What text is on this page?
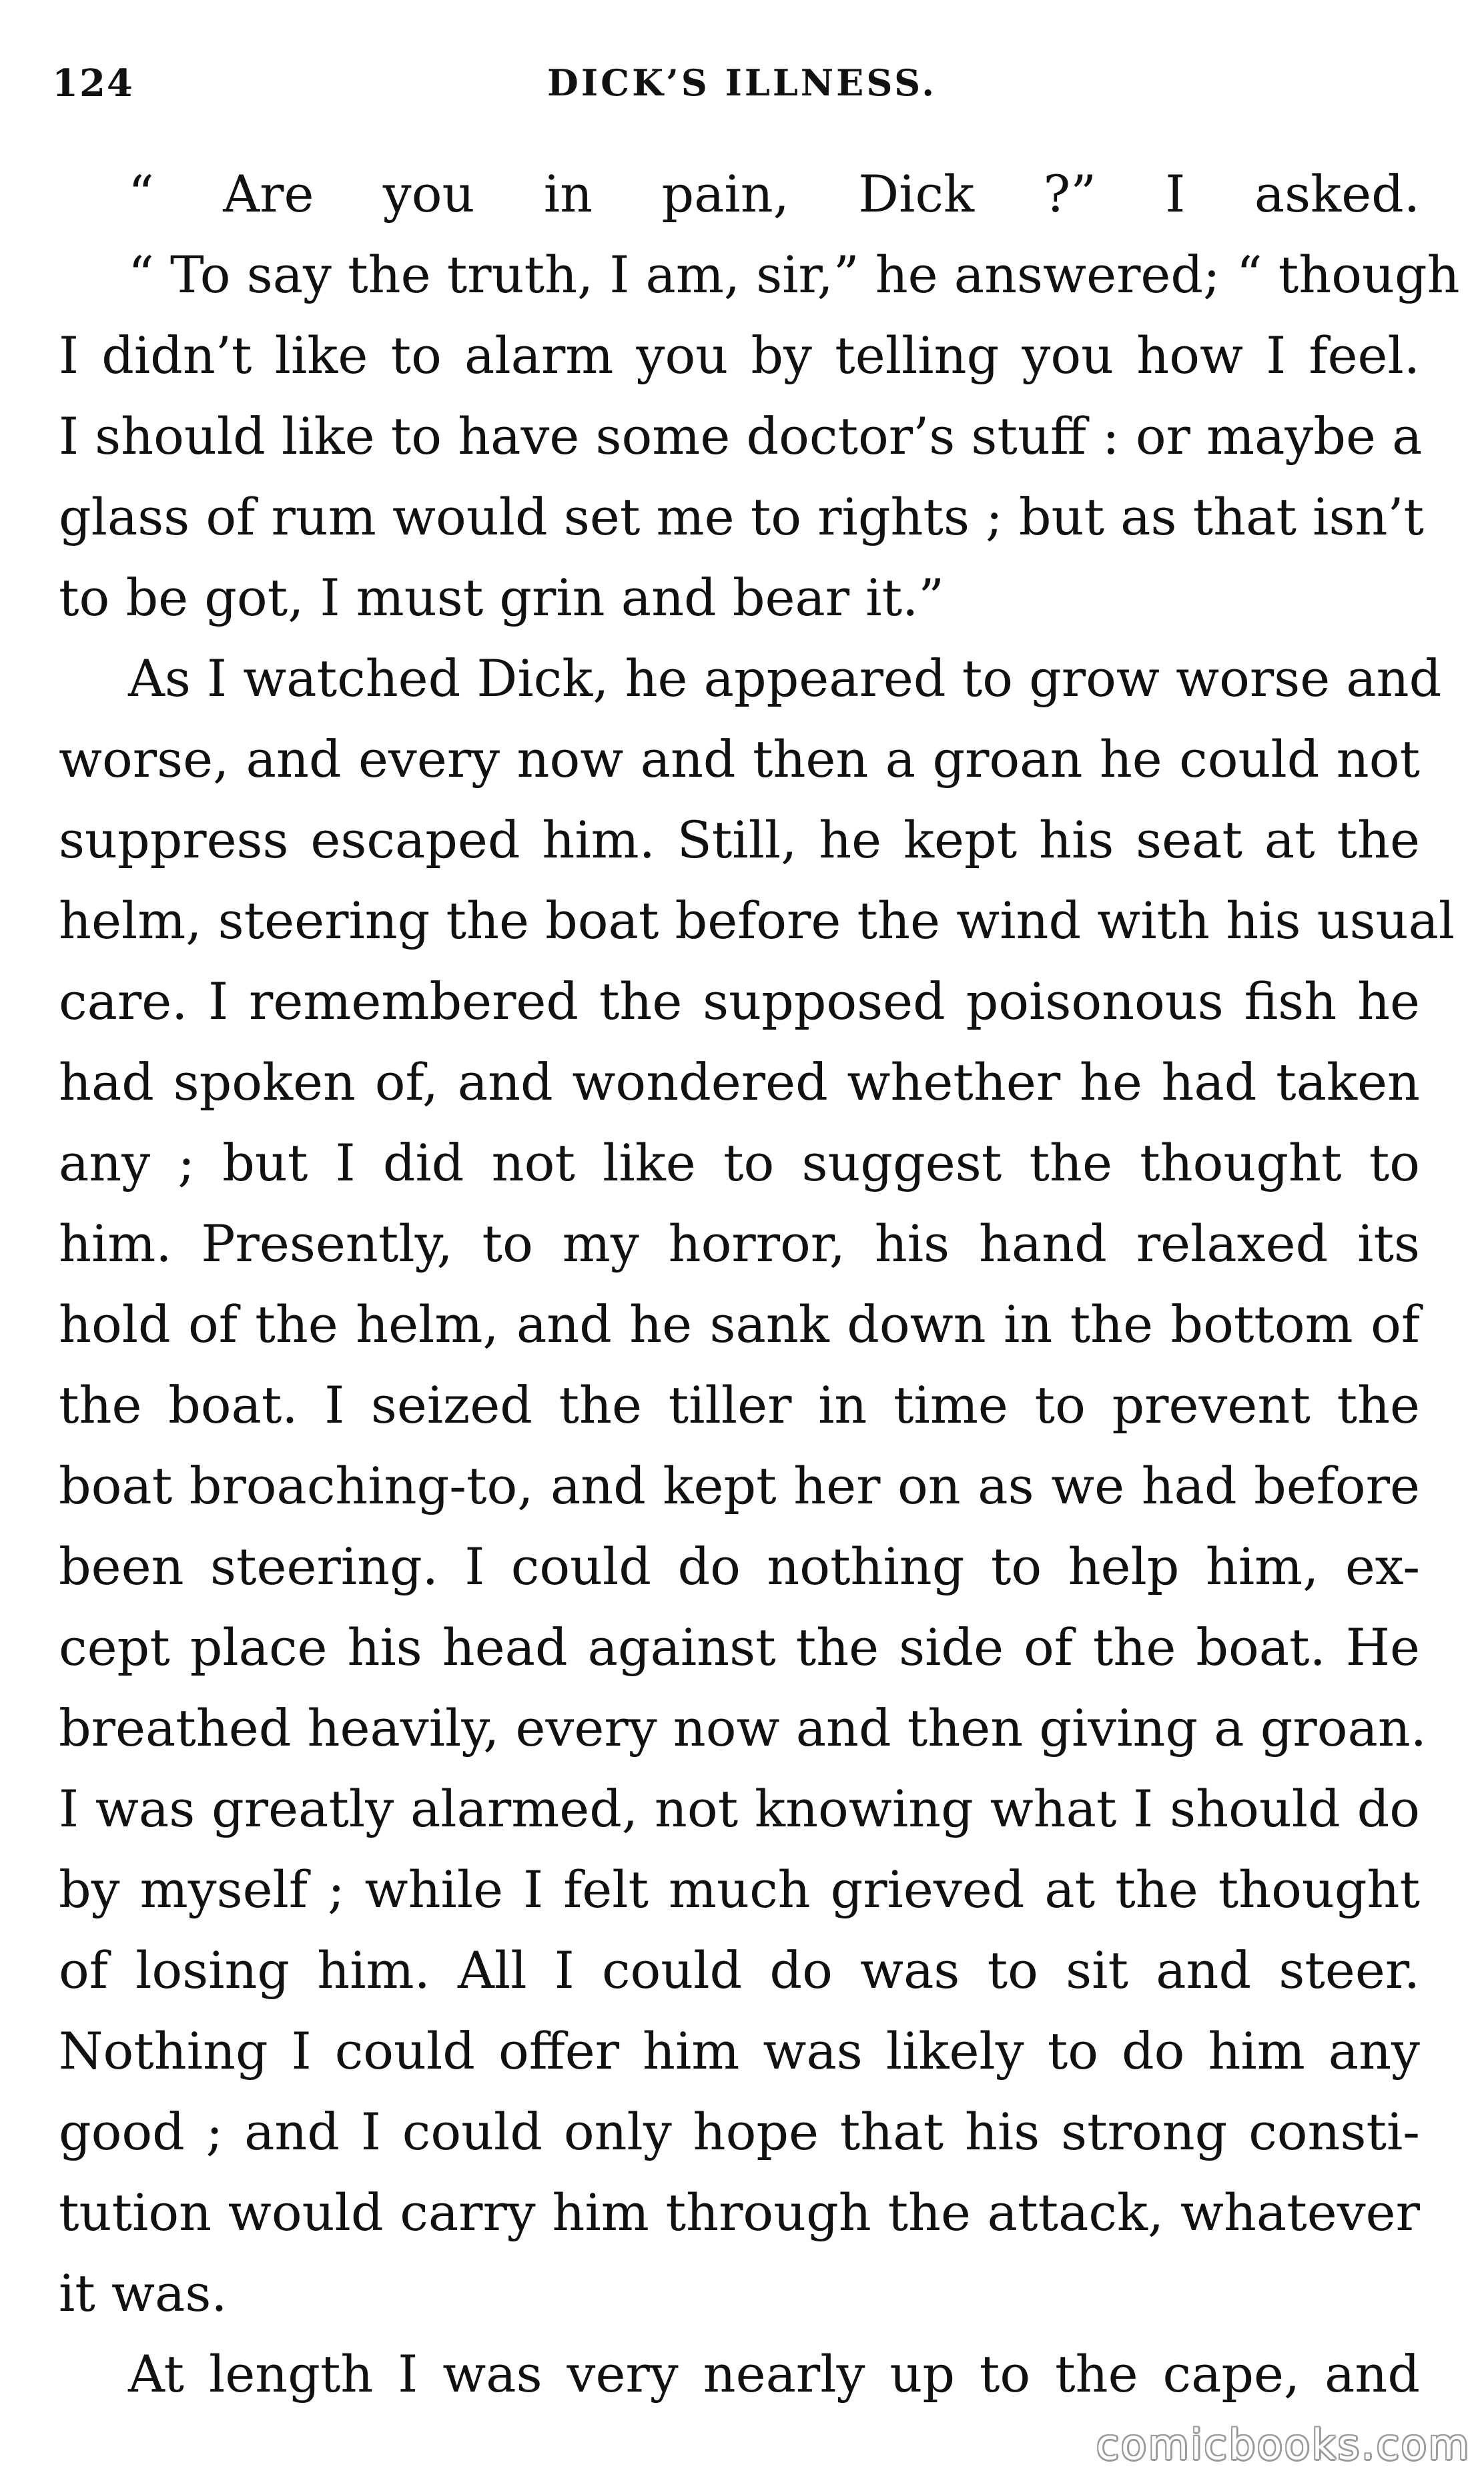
124	DICK’S ILLNESS.
“ Are you in pain, Dick ?” I asked.
“ To say the truth, I am, sir,” he answered; “ though
I didn’t like to alarm you by telling you how I feel.
I should like to have some doctor’s stuff : or maybe a
glass of rum would set me to rights ; but as that isn’t
to be got, I must grin and bear it.”
As I watched Dick, he appeared to grow worse and
worse, and every now and then a groan he could not
suppress escaped him. Still, he kept his seat at the
helm, steering the boat before the wind with his usual
care. I remembered the supposed poisonous fish he
had spoken of, and wondered whether he had taken
any ; but I did not like to suggest the thought to
him. Presently, to my horror, his hand relaxed its
hold of the helm, and he sank down in the bottom of
the boat. I seized the tiller in time to prevent the
boat broaching-to, and kept her on as we had before
been steering. I could do nothing to help him, ex-
cept place his head against the side of the boat. He
breathed heavily, every now and then giving a groan.
I was greatly alarmed, not knowing what I should do
by myself ; while I felt much grieved at the thought
of losing him. All I could do was to sit and steer.
Nothing I could offer him was likely to do him any
good ; and I could only hope that his strong consti-
tution would carry him through the attack, whatever
it was.
At length I was very nearly up to the cape, and
comicbooks.com
